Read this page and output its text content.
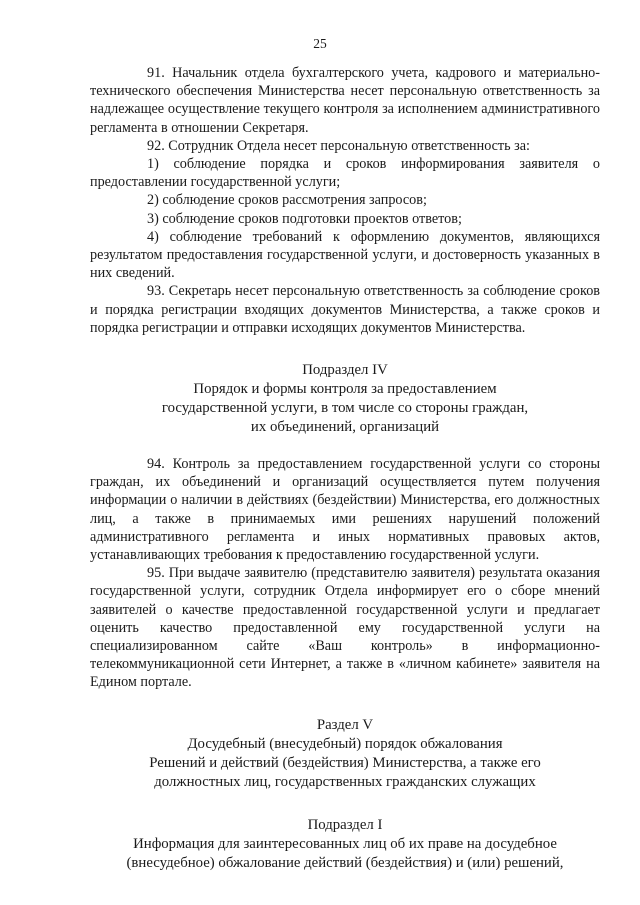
25

91. Начальник отдела бухгалтерского учета, кадрового и материально-технического обеспечения Министерства несет персональную ответственность за надлежащее осуществление текущего контроля за исполнением административного регламента в отношении Секретаря.

92. Сотрудник Отдела несет персональную ответственность за:

1) соблюдение порядка и сроков информирования заявителя о предоставлении государственной услуги;

2) соблюдение сроков рассмотрения запросов;

3) соблюдение сроков подготовки проектов ответов;

4) соблюдение требований к оформлению документов, являющихся результатом предоставления государственной услуги, и достоверность указанных в них сведений.

93. Секретарь несет персональную ответственность за соблюдение сроков и порядка регистрации входящих документов Министерства, а также сроков и порядка регистрации и отправки исходящих документов Министерства.

Подраздел IV

Порядок и формы контроля за предоставлением

государственной услуги, в том числе со стороны граждан,

их объединений, организаций

94. Контроль за предоставлением государственной услуги со стороны граждан, их объединений и организаций осуществляется путем получения информации о наличии в действиях (бездействии) Министерства, его должностных лиц, а также в принимаемых ими решениях нарушений положений административного регламента и иных нормативных правовых актов, устанавливающих требования к предоставлению государственной услуги.

95. При выдаче заявителю (представителю заявителя) результата оказания государственной услуги, сотрудник Отдела информирует его о сборе мнений заявителей о качестве предоставленной государственной услуги и предлагает оценить качество предоставленной ему государственной услуги на специализированном сайте «Ваш контроль» в информационно-телекоммуникационной сети Интернет, а также в «личном кабинете» заявителя на Едином портале.

Раздел V

Досудебный (внесудебный) порядок обжалования

Решений и действий (бездействия) Министерства, а также его

должностных лиц, государственных гражданских служащих

Подраздел I

Информация для заинтересованных лиц об их праве на досудебное

(внесудебное) обжалование действий (бездействия) и (или) решений,
